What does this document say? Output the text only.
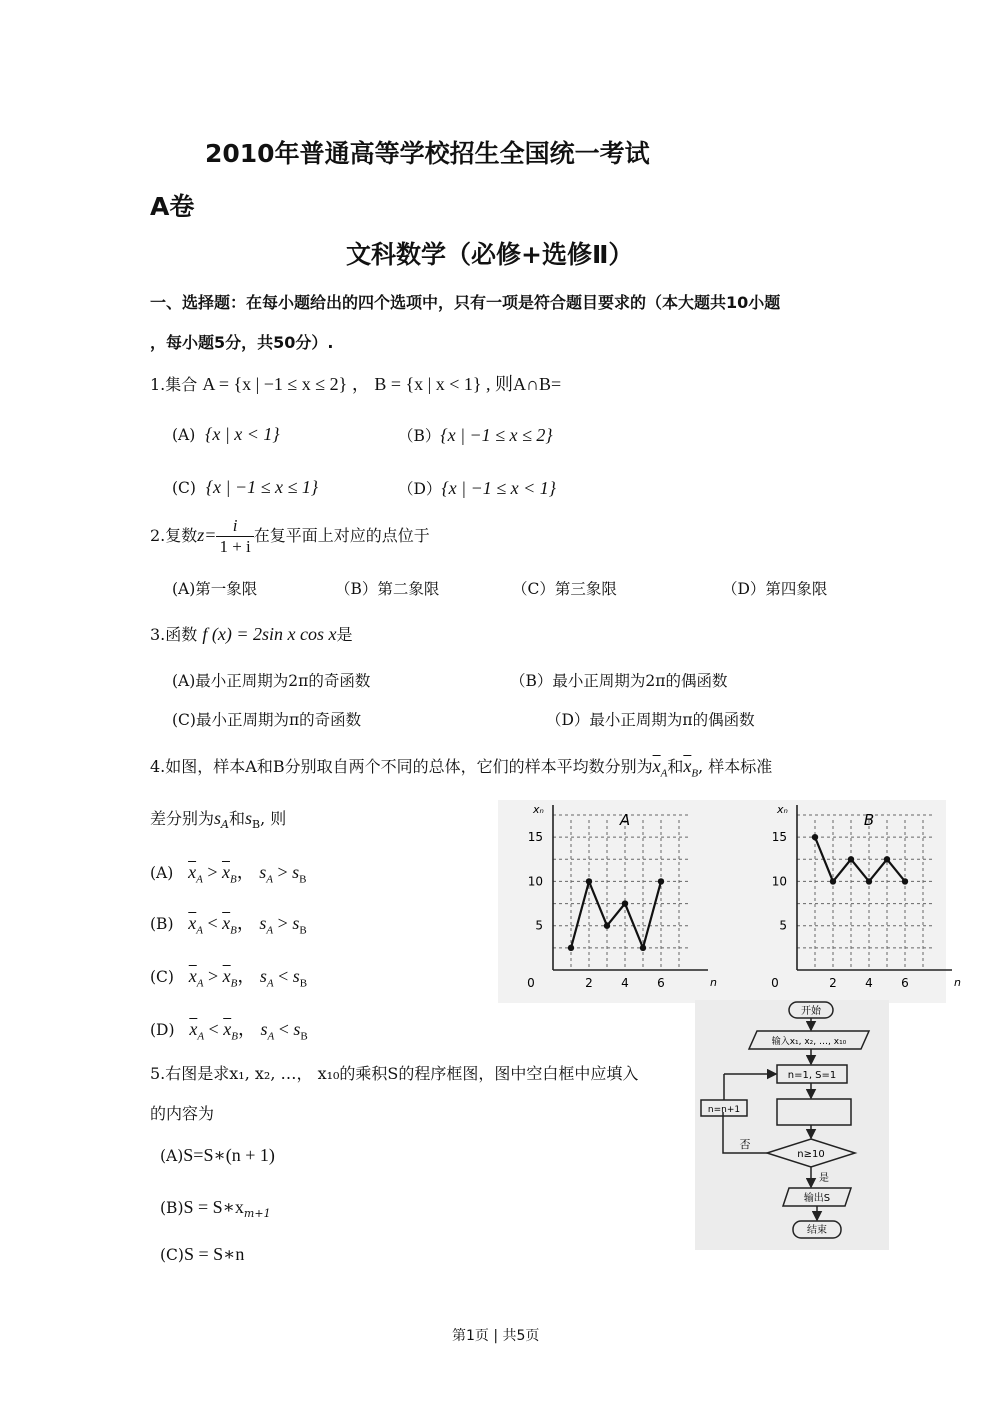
2010年普通高等学校招生全国统一考试
A卷
文科数学（必修+选修Ⅱ）
一、选择题：在每小题给出的四个选项中，只有一项是符合题目要求的（本大题共10小题
，每小题5分，共50分）.
1.集合 A = {x | −1 ≤ x ≤ 2} ， B = {x | x < 1} , 则A∩B=
(A) {x | x < 1}	（B）{x | −1 ≤ x ≤ 2}
(C) {x | −1 ≤ x ≤ 1}	（D）{x | −1 ≤ x < 1}
2.复数$z= \frac{i}{1 + i}$ 在复平面上对应的点位于
(A)第一象限	（B）第二象限	（C）第三象限	（D）第四象限
3.函数 f (x) = 2sin x cos x是
(A)最小正周期为2π的奇函数	（B）最小正周期为2π的偶函数
(C)最小正周期为π的奇函数	（D）最小正周期为π的偶函数
4.如图，样本A和B分别取自两个不同的总体，它们的样本平均数分别为$\overline{x}_A$和$\overline{x}_B$, 样本标准
差分别为$s_A$和$s_B$, 则
(A) $\overline{x}_A > \overline{x}_B$， $s_A > s_B$
(B) $\overline{x}_A < \overline{x}_B$， $s_A > s_B$
(C) $\overline{x}_A > \overline{x}_B$， $s_A < s_B$
(D) $\overline{x}_A < \overline{x}_B$， $s_A < s_B$
0	2 4 6
5
10
15
xₙ
n
A
0	2 4 6
5
10
15
xₙ
n
B
5.右图是求x₁, x₂, …， x₁₀的乘积S的程序框图，图中空白框中应填入
的内容为
(A)S=S∗(n + 1)
$(B)S = S∗x_{m+1}$
(C)S = S∗n
开始
输入x₁, x₂, …, x₁₀
n=1, S=1
n≥10
否
n=n+1
是
输出S
结束
第1页 | 共5页
